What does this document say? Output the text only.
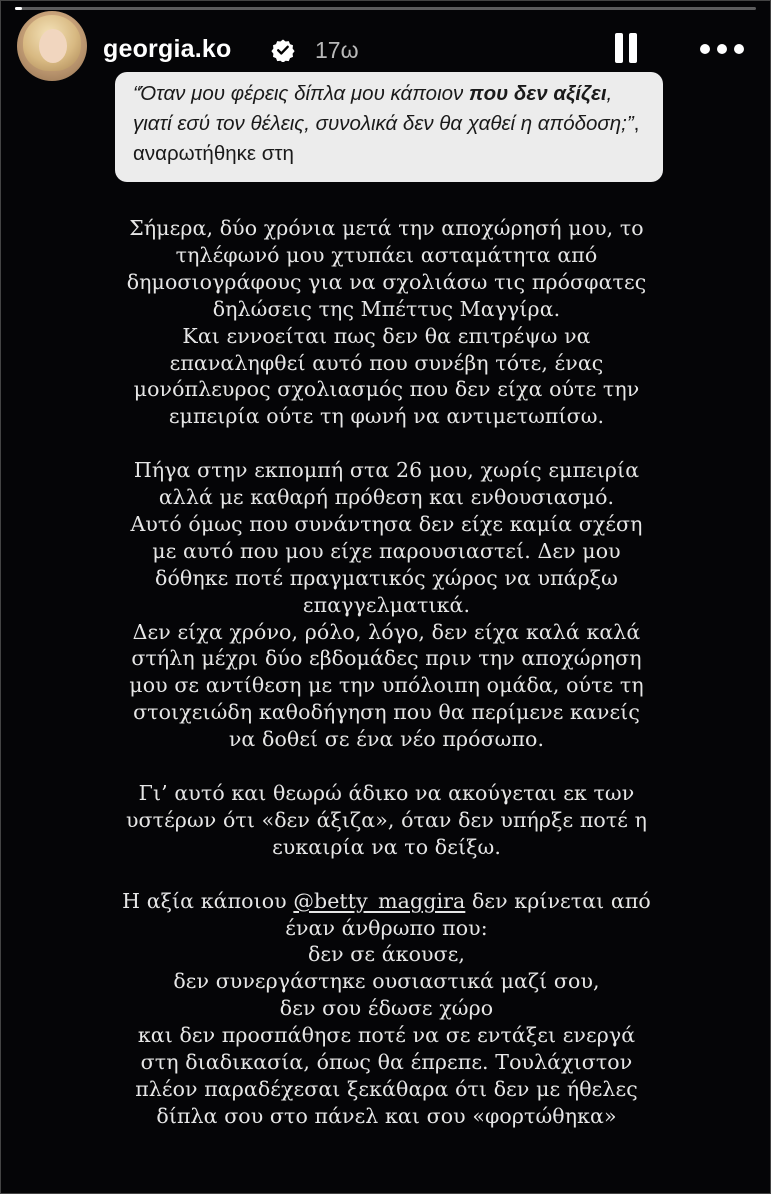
georgia.ko	17ω
“Όταν μου φέρεις δίπλα μου κάποιον που δεν αξίζει, γιατί εσύ τον θέλεις, συνολικά δεν θα χαθεί η απόδοση;”, αναρωτήθηκε στη
Σήμερα, δύο χρόνια μετά την αποχώρησή μου, το
τηλέφωνό μου χτυπάει ασταμάτητα από
δημοσιογράφους για να σχολιάσω τις πρόσφατες
δηλώσεις της Μπέττυς Μαγγίρα.
Και εννοείται πως δεν θα επιτρέψω να
επαναληφθεί αυτό που συνέβη τότε, ένας
μονόπλευρος σχολιασμός που δεν είχα ούτε την
εμπειρία ούτε τη φωνή να αντιμετωπίσω.
Πήγα στην εκπομπή στα 26 μου, χωρίς εμπειρία
αλλά με καθαρή πρόθεση και ενθουσιασμό.
Αυτό όμως που συνάντησα δεν είχε καμία σχέση
με αυτό που μου είχε παρουσιαστεί. Δεν μου
δόθηκε ποτέ πραγματικός χώρος να υπάρξω
επαγγελματικά.
Δεν είχα χρόνο, ρόλο, λόγο, δεν είχα καλά καλά
στήλη μέχρι δύο εβδομάδες πριν την αποχώρηση
μου σε αντίθεση με την υπόλοιπη ομάδα, ούτε τη
στοιχειώδη καθοδήγηση που θα περίμενε κανείς
να δοθεί σε ένα νέο πρόσωπο.
Γι’ αυτό και θεωρώ άδικο να ακούγεται εκ των
υστέρων ότι «δεν άξιζα», όταν δεν υπήρξε ποτέ η
ευκαιρία να το δείξω.
Η αξία κάποιου @betty_maggira δεν κρίνεται από
έναν άνθρωπο που:
δεν σε άκουσε,
δεν συνεργάστηκε ουσιαστικά μαζί σου,
δεν σου έδωσε χώρο
και δεν προσπάθησε ποτέ να σε εντάξει ενεργά
στη διαδικασία, όπως θα έπρεπε. Τουλάχιστον
πλέον παραδέχεσαι ξεκάθαρα ότι δεν με ήθελες
δίπλα σου στο πάνελ και σου «φορτώθηκα»
